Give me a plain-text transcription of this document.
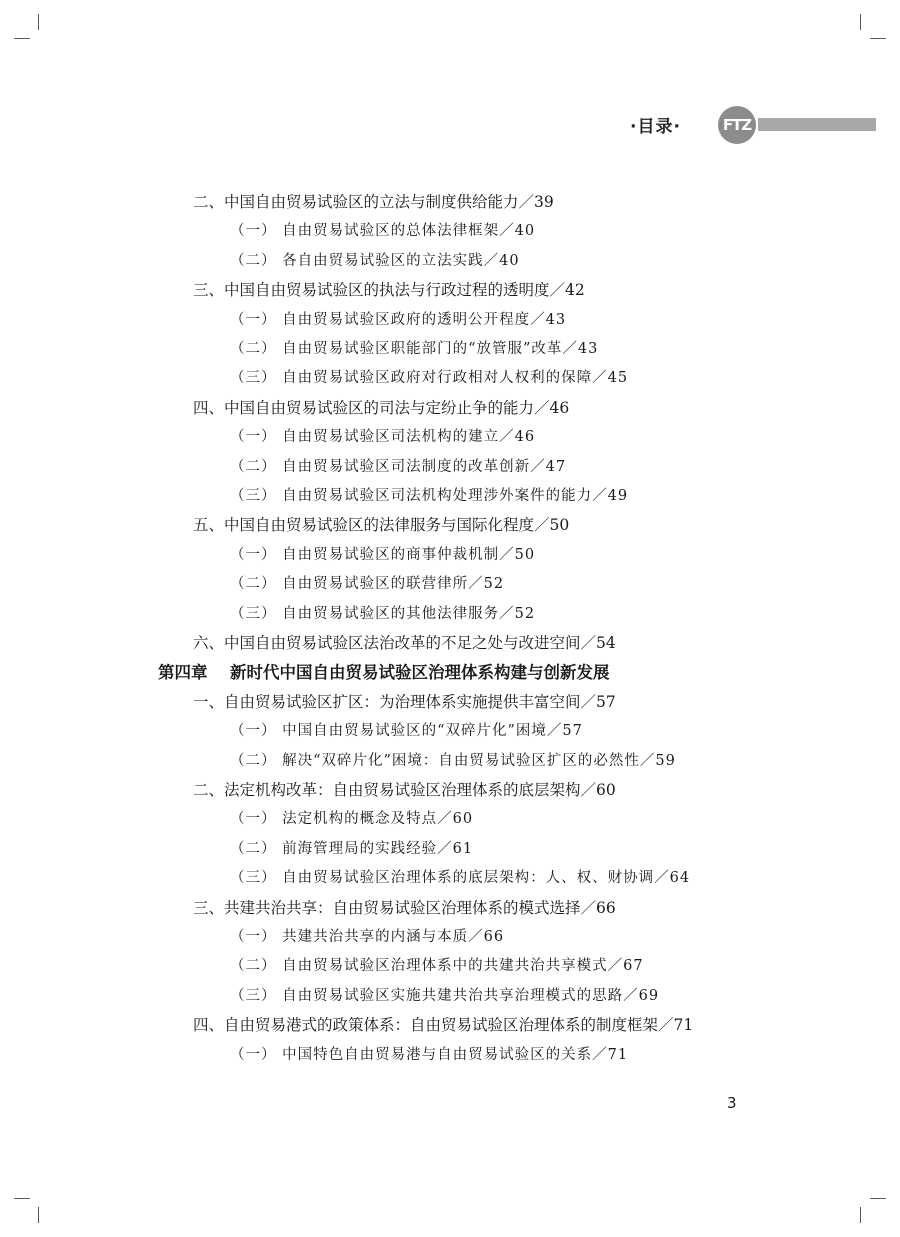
·目录·	FTZ
二、中国自由贸易试验区的立法与制度供给能力／39
（一） 自由贸易试验区的总体法律框架／40
（二） 各自由贸易试验区的立法实践／40
三、中国自由贸易试验区的执法与行政过程的透明度／42
（一） 自由贸易试验区政府的透明公开程度／43
（二） 自由贸易试验区职能部门的“放管服”改革／43
（三） 自由贸易试验区政府对行政相对人权利的保障／45
四、中国自由贸易试验区的司法与定纷止争的能力／46
（一） 自由贸易试验区司法机构的建立／46
（二） 自由贸易试验区司法制度的改革创新／47
（三） 自由贸易试验区司法机构处理涉外案件的能力／49
五、中国自由贸易试验区的法律服务与国际化程度／50
（一） 自由贸易试验区的商事仲裁机制／50
（二） 自由贸易试验区的联营律所／52
（三） 自由贸易试验区的其他法律服务／52
六、中国自由贸易试验区法治改革的不足之处与改进空间／54
第四章 新时代中国自由贸易试验区治理体系构建与创新发展
一、自由贸易试验区扩区：为治理体系实施提供丰富空间／57
（一） 中国自由贸易试验区的“双碎片化”困境／57
（二） 解决“双碎片化”困境：自由贸易试验区扩区的必然性／59
二、法定机构改革：自由贸易试验区治理体系的底层架构／60
（一） 法定机构的概念及特点／60
（二） 前海管理局的实践经验／61
（三） 自由贸易试验区治理体系的底层架构：人、权、财协调／64
三、共建共治共享：自由贸易试验区治理体系的模式选择／66
（一） 共建共治共享的内涵与本质／66
（二） 自由贸易试验区治理体系中的共建共治共享模式／67
（三） 自由贸易试验区实施共建共治共享治理模式的思路／69
四、自由贸易港式的政策体系：自由贸易试验区治理体系的制度框架／71
（一） 中国特色自由贸易港与自由贸易试验区的关系／71
3
